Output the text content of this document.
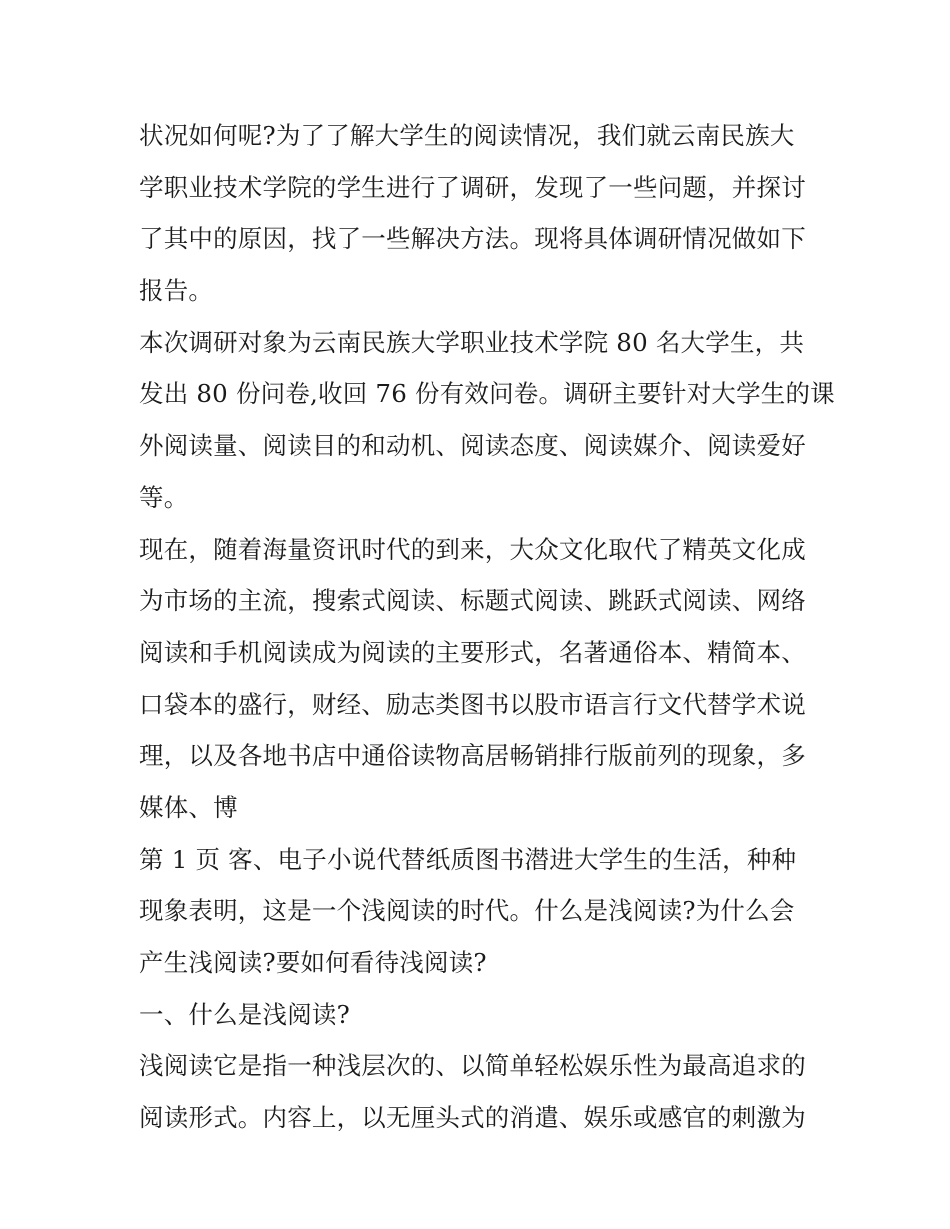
状况如何呢?为了了解大学生的阅读情况，我们就云南民族大
学职业技术学院的学生进行了调研，发现了一些问题，并探讨
了其中的原因，找了一些解决方法。现将具体调研情况做如下
报告。
本次调研对象为云南民族大学职业技术学院 80 名大学生，共
发出 80 份问卷,收回 76 份有效问卷。调研主要针对大学生的课
外阅读量、阅读目的和动机、阅读态度、阅读媒介、阅读爱好
等。
现在，随着海量资讯时代的到来，大众文化取代了精英文化成
为市场的主流，搜索式阅读、标题式阅读、跳跃式阅读、网络
阅读和手机阅读成为阅读的主要形式，名著通俗本、精简本、
口袋本的盛行，财经、励志类图书以股市语言行文代替学术说
理，以及各地书店中通俗读物高居畅销排行版前列的现象，多
媒体、博
第 1 页 客、电子小说代替纸质图书潜进大学生的生活，种种
现象表明，这是一个浅阅读的时代。什么是浅阅读?为什么会
产生浅阅读?要如何看待浅阅读?
一、什么是浅阅读?
浅阅读它是指一种浅层次的、以简单轻松娱乐性为最高追求的
阅读形式。内容上，以无厘头式的消遣、娱乐或感官的刺激为
